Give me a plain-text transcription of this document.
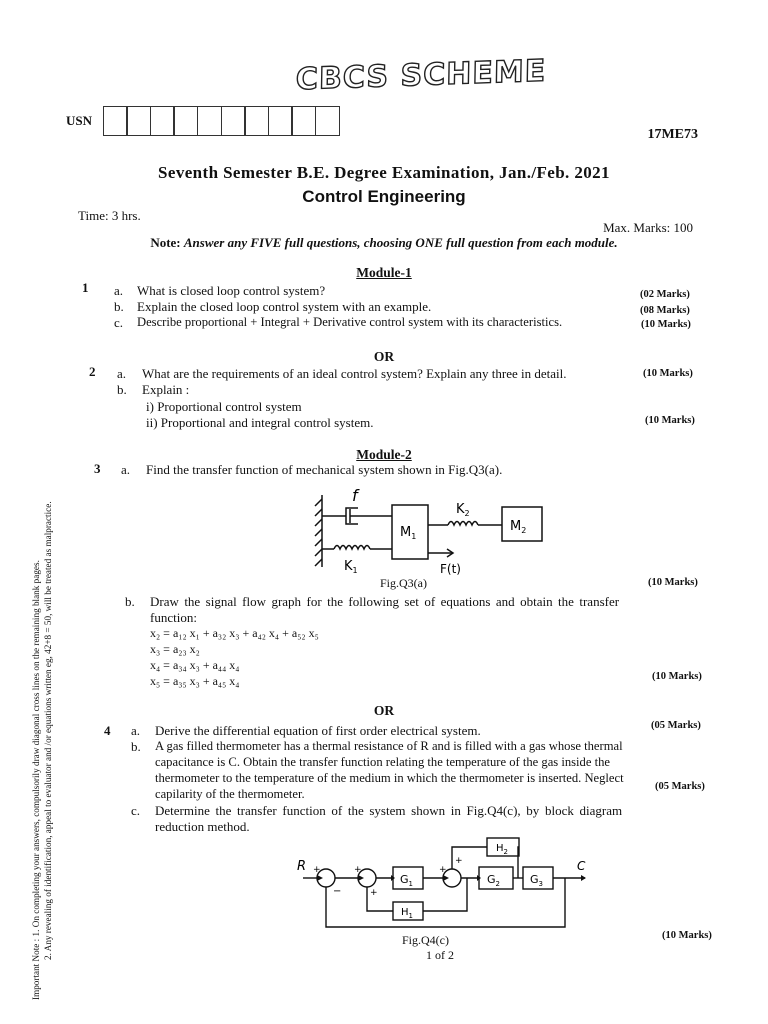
CBCS SCHEME
USN
17ME73
Seventh Semester B.E. Degree Examination, Jan./Feb. 2021
Control Engineering
Time: 3 hrs.
Max. Marks: 100
Note: Answer any FIVE full questions, choosing ONE full question from each module.
Important Note : 1. On completing your answers, compulsorily draw diagonal cross lines on the remaining blank pages. 2. Any revealing of identification, appeal to evaluator and /or equations written eg, 42+8 = 50, will be treated as malpractice.
Module-1
1 a. What is closed loop control system?	(02 Marks)
b. Explain the closed loop control system with an example.	(08 Marks)
c. Describe proportional + Integral + Derivative control system with its characteristics.	(10 Marks)
OR
2 a. What are the requirements of an ideal control system? Explain any three in detail.	(10 Marks)
b. Explain :
i) Proportional control system
ii) Proportional and integral control system.	(10 Marks)
Module-2
3 a. Find the transfer function of mechanical system shown in Fig.Q3(a).
f
$M_1$
$K_2$
$M_2$
$K_1$	F(t)
Fig.Q3(a)	(10 Marks)
b. Draw the signal flow graph for the following set of equations and obtain the transfer
function:
x₂ = a₁₂ x₁ + a₃₂ x₃ + a₄₂ x₄ + a₅₂ x₅
x₃ = a₂₃ x₂
x₄ = a₃₄ x₃ + a₄₄ x₄
x₅ = a₃₅ x₃ + a₄₅ x₄	(10 Marks)
OR
4 a. Derive the differential equation of first order electrical system.	(05 Marks)
b. A gas filled thermometer has a thermal resistance of R and is filled with a gas whose thermal
capacitance is C. Obtain the transfer function relating the temperature of the gas inside the
thermometer to the temperature of the medium in which the thermometer is inserted. Neglect
capilarity of the thermometer.
(05 Marks)
c. Determine the transfer function of the system shown in Fig.Q4(c), by block diagram
reduction method.
R	C
$G_1$	$G_2$	$G_3$
$H_2$
$H_1$
+
−
+
+
+
+
Fig.Q4(c)	(10 Marks)
1 of 2
